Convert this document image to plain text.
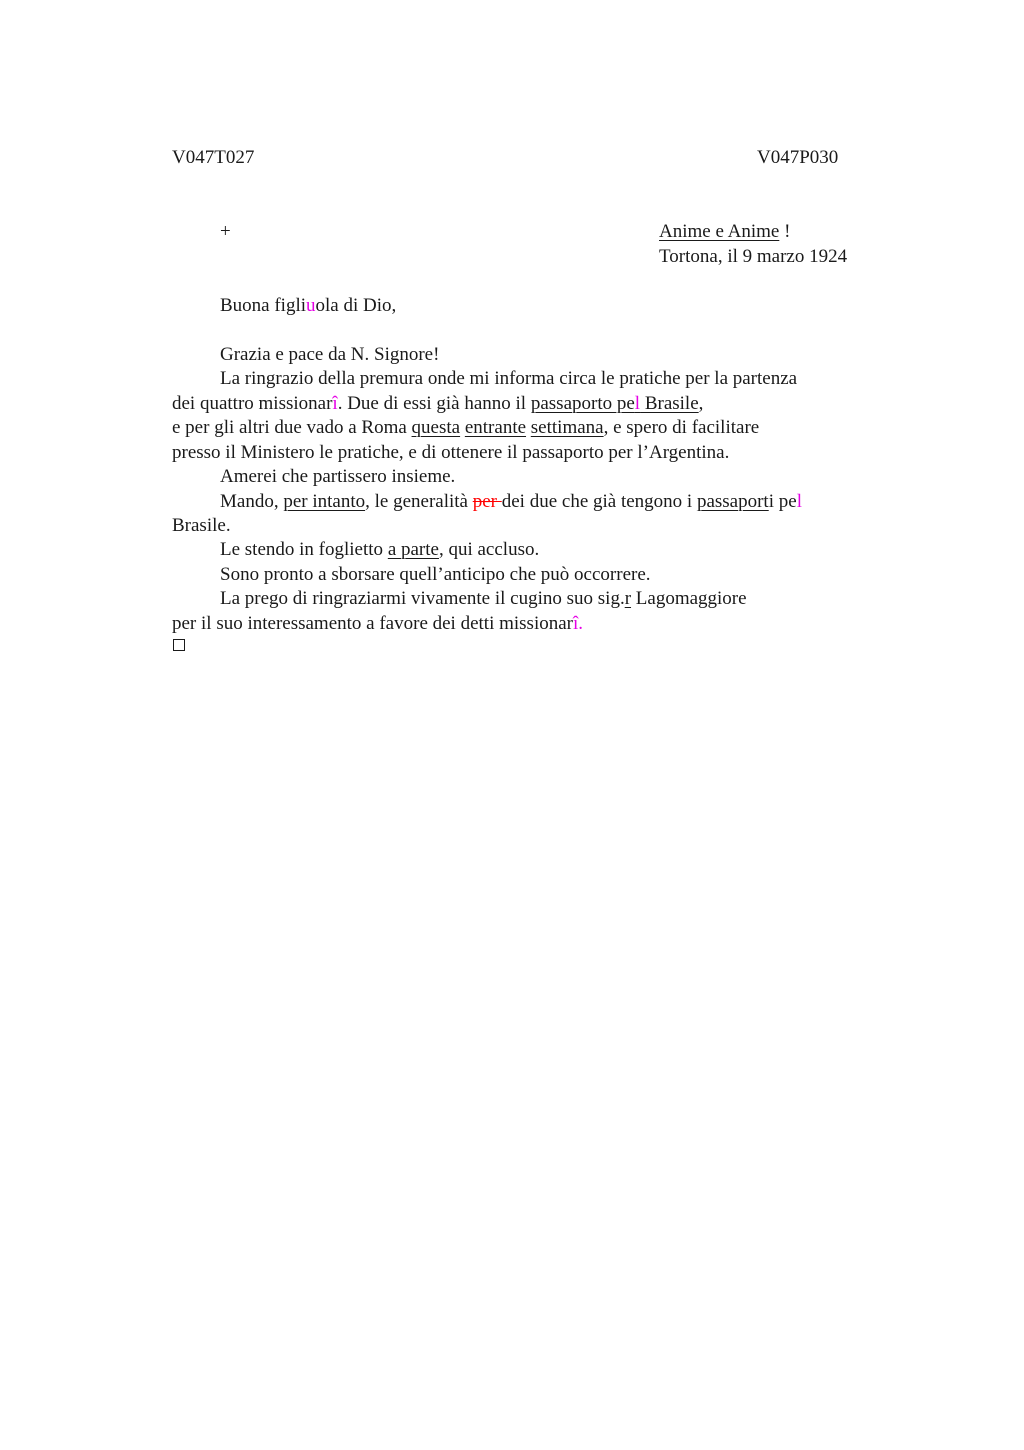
V047T027	V047P030
+	Anime e Anime !
Tortona, il 9 marzo 1924
Buona figliuola di Dio,
Grazia e pace da N. Signore!
La ringrazio della premura onde mi informa circa le pratiche per la partenza
dei quattro missionarî. Due di essi già hanno il passaporto pel Brasile,
e per gli altri due vado a Roma questa entrante settimana, e spero di facilitare
presso il Ministero le pratiche, e di ottenere il passaporto per l’Argentina.
Amerei che partissero insieme.
Mando, per intanto, le generalità per dei due che già tengono i passaporti pel
Brasile.
Le stendo in foglietto a parte, qui accluso.
Sono pronto a sborsare quell’anticipo che può occorrere.
La prego di ringraziarmi vivamente il cugino suo sig.r Lagomaggiore
per il suo interessamento a favore dei detti missionarî.
